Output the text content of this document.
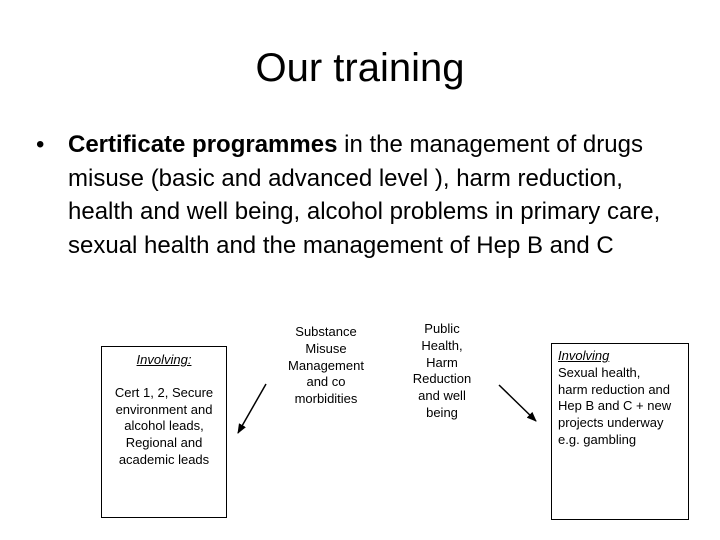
Our training
• Certificate programmes in the management of drugs misuse (basic and advanced level ), harm reduction, health and well being, alcohol problems in primary care, sexual health and the management of Hep B and C
Involving:
Cert 1, 2, Secure
environment and
alcohol leads,
Regional and
academic leads
Substance
Misuse
Management
and co
morbidities
Public
Health,
Harm
Reduction
and well
being
Involving
Sexual health,
harm reduction and
Hep B and C + new
projects underway
e.g. gambling
